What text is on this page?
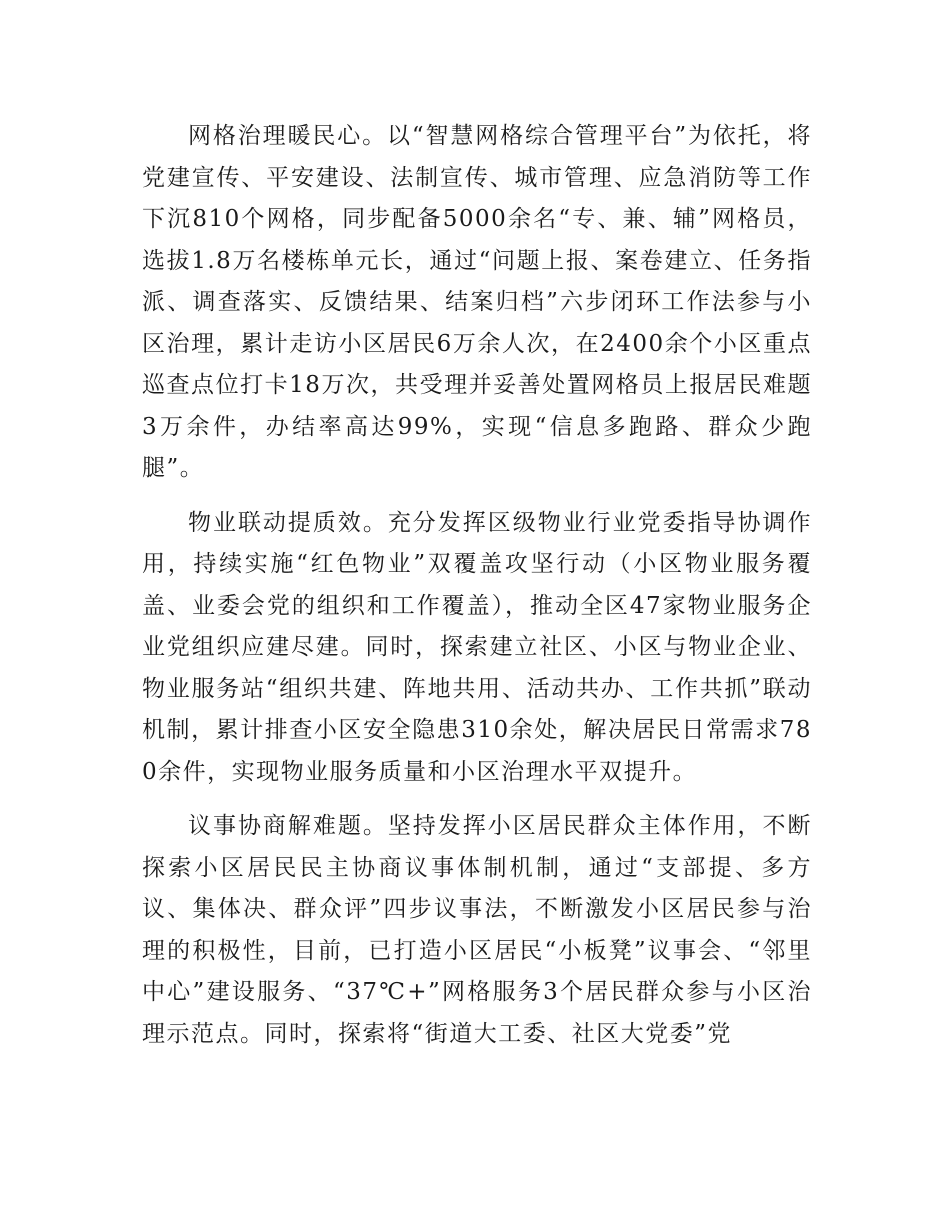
网格治理暖民心。以“智慧网格综合管理平台”为依托，将党建宣传、平安建设、法制宣传、城市管理、应急消防等工作下沉810个网格，同步配备5000余名“专、兼、辅”网格员，选拔1.8万名楼栋单元长，通过“问题上报、案卷建立、任务指派、调查落实、反馈结果、结案归档”六步闭环工作法参与小区治理，累计走访小区居民6万余人次，在2400余个小区重点巡查点位打卡18万次，共受理并妥善处置网格员上报居民难题3万余件，办结率高达99%，实现“信息多跑路、群众少跑腿”。

物业联动提质效。充分发挥区级物业行业党委指导协调作用，持续实施“红色物业”双覆盖攻坚行动（小区物业服务覆盖、业委会党的组织和工作覆盖），推动全区47家物业服务企业党组织应建尽建。同时，探索建立社区、小区与物业企业、物业服务站“组织共建、阵地共用、活动共办、工作共抓”联动机制，累计排查小区安全隐患310余处，解决居民日常需求780余件，实现物业服务质量和小区治理水平双提升。

议事协商解难题。坚持发挥小区居民群众主体作用，不断探索小区居民民主协商议事体制机制，通过“支部提、多方议、集体决、群众评”四步议事法，不断激发小区居民参与治理的积极性，目前，已打造小区居民“小板凳”议事会、“邻里中心”建设服务、“37℃+”网格服务3个居民群众参与小区治理示范点。同时，探索将“街道大工委、社区大党委”党
